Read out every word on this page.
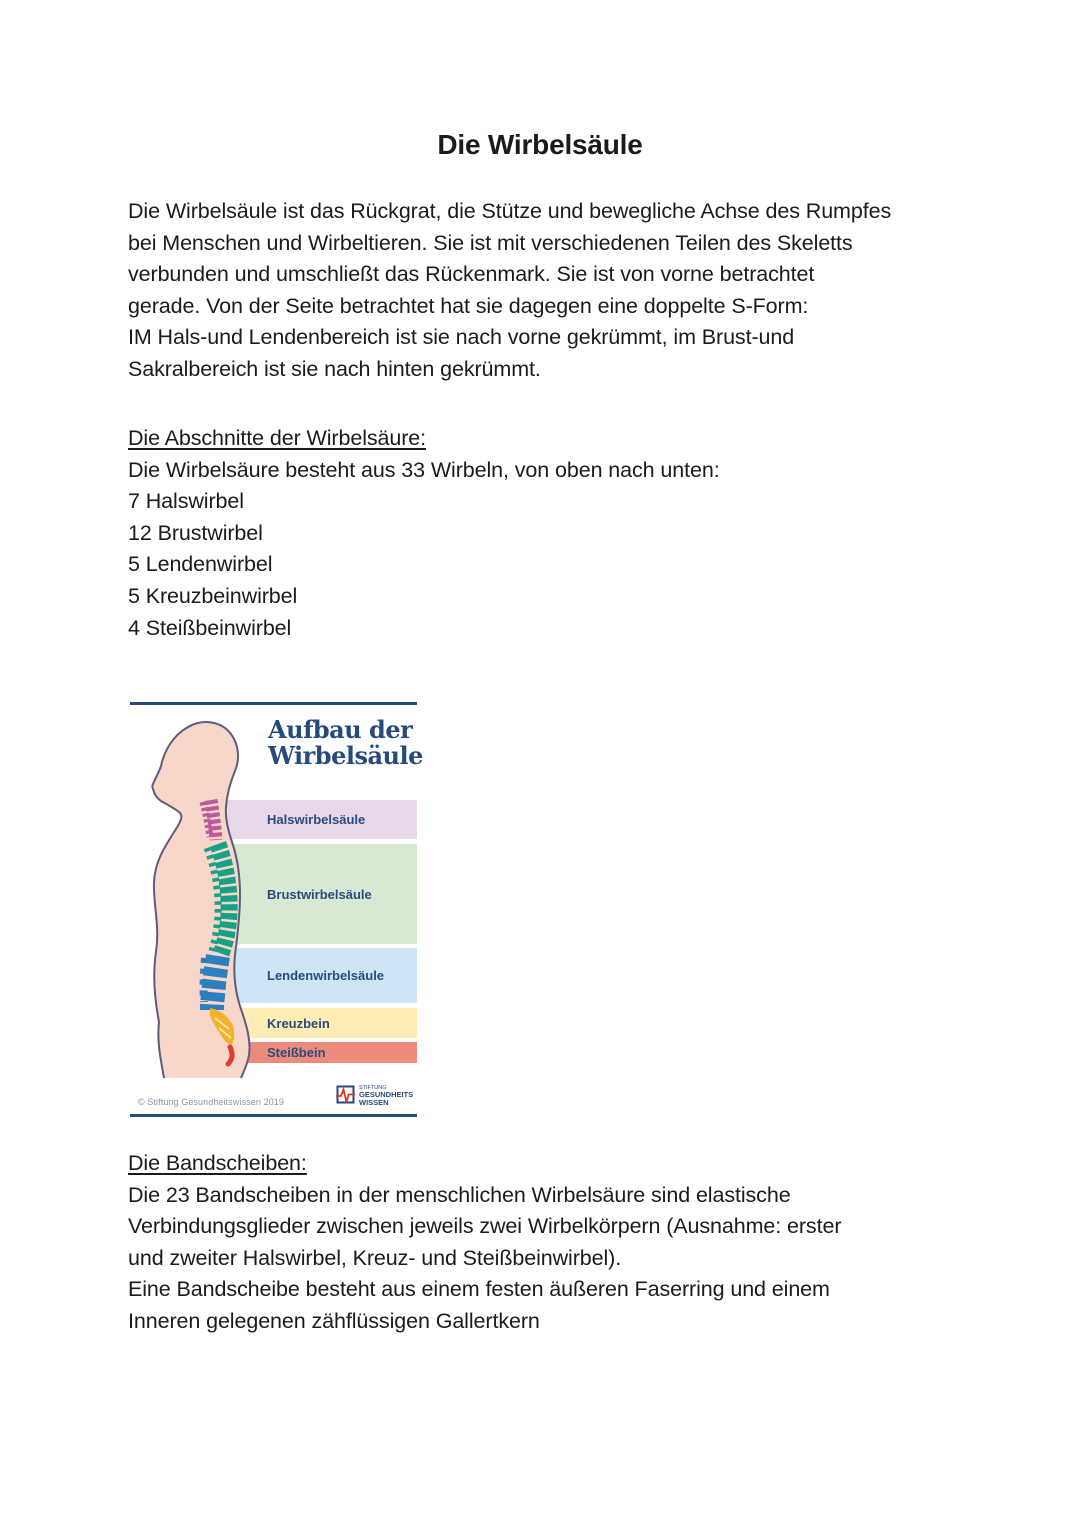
Die Wirbelsäule
Die Wirbelsäule ist das Rückgrat, die Stütze und bewegliche Achse des Rumpfes
bei Menschen und Wirbeltieren. Sie ist mit verschiedenen Teilen des Skeletts
verbunden und umschließt das Rückenmark. Sie ist von vorne betrachtet
gerade. Von der Seite betrachtet hat sie dagegen eine doppelte S-Form:
IM Hals-und Lendenbereich ist sie nach vorne gekrümmt, im Brust-und
Sakralbereich ist sie nach hinten gekrümmt.
Die Abschnitte der Wirbelsäure:
Die Wirbelsäure besteht aus 33 Wirbeln, von oben nach unten:
7 Halswirbel
12 Brustwirbel
5 Lendenwirbel
5 Kreuzbeinwirbel
4 Steißbeinwirbel
Aufbau der
Wirbelsäule
Halswirbelsäule
Brustwirbelsäule
Lendenwirbelsäule
Kreuzbein
Steißbein
© Stiftung Gesundheitswissen 2019
STIFTUNG
GESUNDHEITS
WISSEN
Die Bandscheiben:
Die 23 Bandscheiben in der menschlichen Wirbelsäure sind elastische
Verbindungsglieder zwischen jeweils zwei Wirbelkörpern (Ausnahme: erster
und zweiter Halswirbel, Kreuz- und Steißbeinwirbel).
Eine Bandscheibe besteht aus einem festen äußeren Faserring und einem
Inneren gelegenen zähflüssigen Gallertkern
